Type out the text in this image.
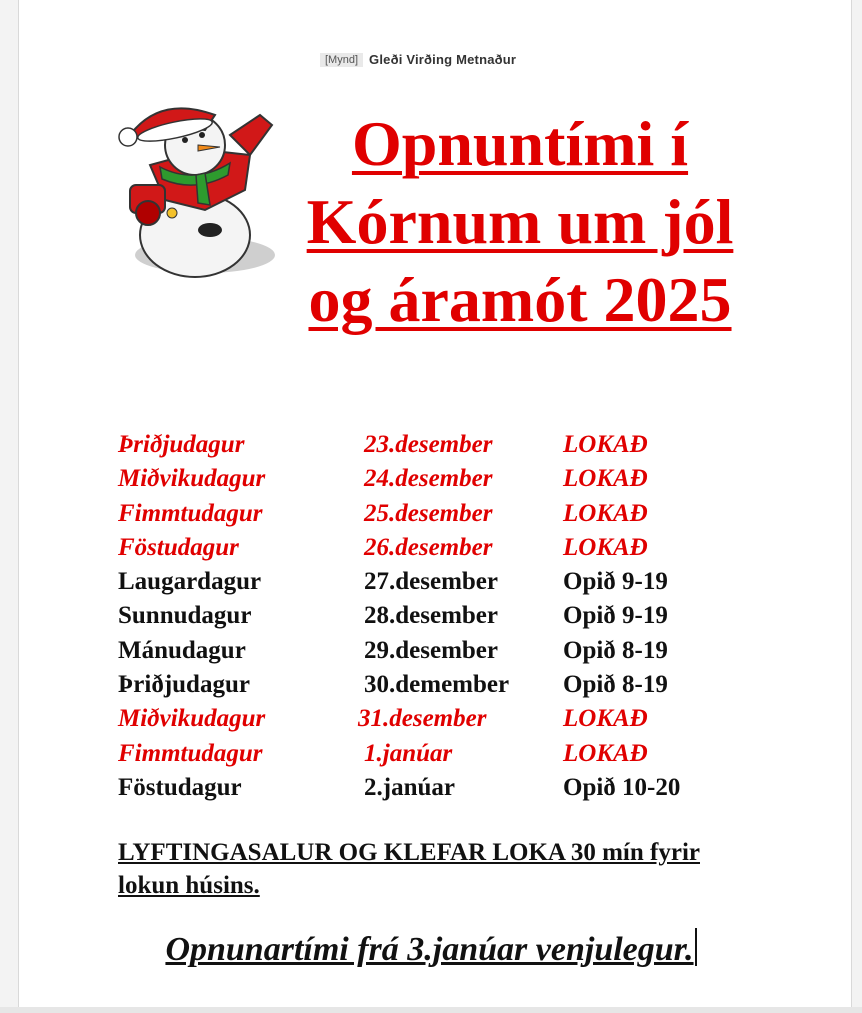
[Mynd] Gleði Virðing Metnaður
Opnuntími í
Kórnum um jól
og áramót 2025
Þriðjudagur	23.desember	LOKAÐ
Miðvikudagur	24.desember	LOKAÐ
Fimmtudagur	25.desember	LOKAÐ
Föstudagur	26.desember	LOKAÐ
Laugardagur	27.desember	Opið 9-19
Sunnudagur	28.desember	Opið 9-19
Mánudagur	29.desember	Opið 8-19
Þriðjudagur	30.demember Opið 8-19
Miðvikudagur	31.desember	LOKAÐ
Fimmtudagur	1.janúar	LOKAÐ
Föstudagur	2.janúar	Opið 10-20
LYFTINGASALUR OG KLEFAR LOKA 30 mín fyrir lokun húsins.
Opnunartími frá 3.janúar venjulegur.
